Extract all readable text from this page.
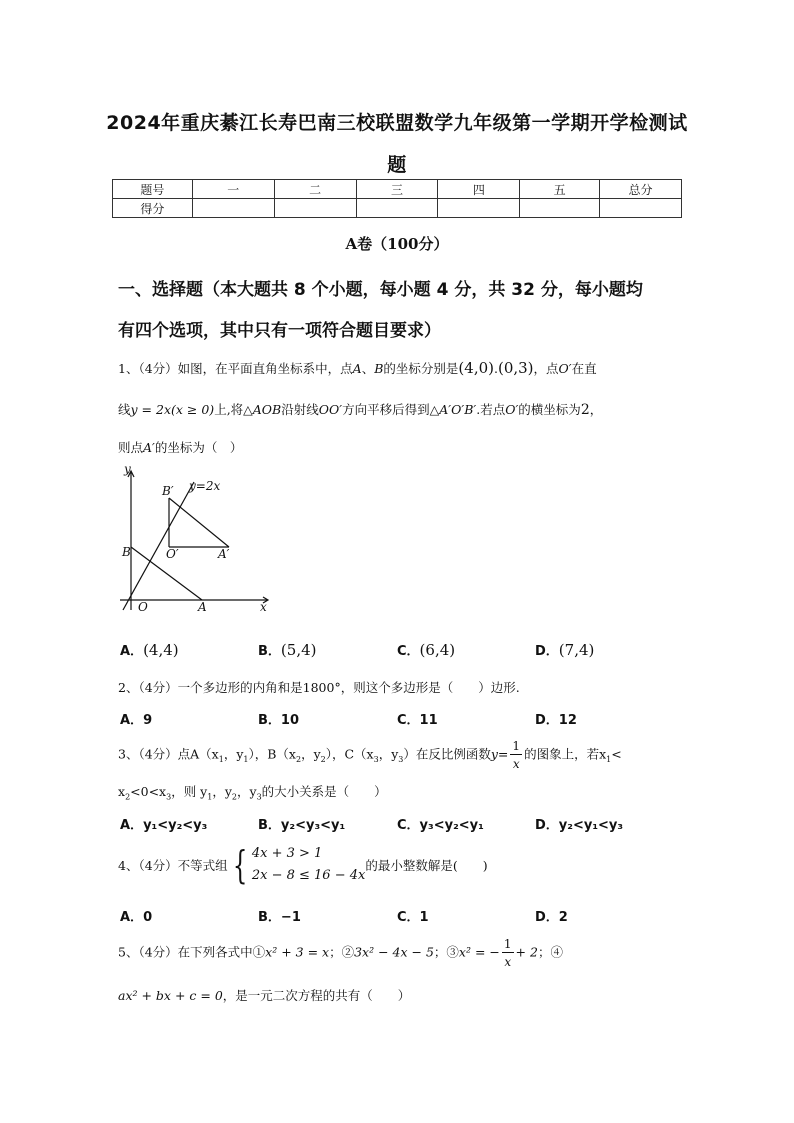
2024年重庆綦江长寿巴南三校联盟数学九年级第一学期开学检测试
题
题号	一	二	三	四	五	总分
得分						
A卷（100分）
一、选择题（本大题共 8 个小题，每小题 4 分，共 32 分，每小题均
有四个选项，其中只有一项符合题目要求）
1、（4分）如图，在平面直角坐标系中，点A、B的坐标分别是(4,0).(0,3)，点O′在直
线y = 2x(x ≥ 0)上,将△AOB沿射线OO′方向平移后得到△A′O′B′.若点O′的横坐标为2，
则点A′的坐标为（　）
y
x
O	A
B
B′
O′	A′
y=2x
A．(4,4)	B．(5,4)	C．(6,4)	D．(7,4)
2、（4分）一个多边形的内角和是1800°，则这个多边形是（　　）边形.
A．9	B．10	C．11	D．12
3、（4分）点$A(x_1$，$y_1$），$B(x_2$，$y_2$），$C(x_3$，$y_3$）在反比例函数$y= \frac{1}{x}$ 的图象上，若$x_1<$
$x_2<0<x_3$，则 $y_1$，$y_2$，$y_3$的大小关系是（　　）
A．y₁<y₂<y₃	B．y₂<y₃<y₁	C．y₃<y₂<y₁	D．y₂<y₁<y₃
4、（4分）不等式组 { 4x + 3 > 1
2x − 8 ≤ 16 − 4x
的最小整数解是(　　)
A．0	B．−1	C．1	D．2
5、（4分）在下列各式中①x² + 3 = x；②3x² − 4x − 5；③x² = − $\frac{1}{x} + 2$；④
ax² + bx + c = 0，是一元二次方程的共有（　　）
